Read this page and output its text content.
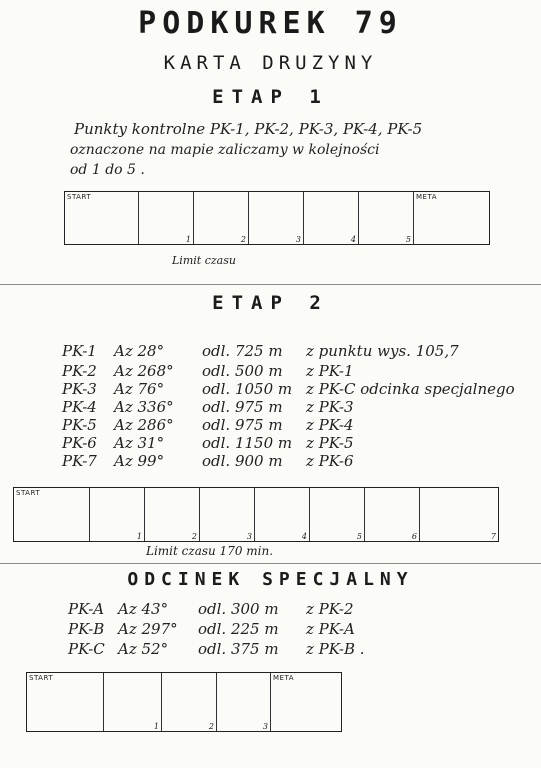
PODKUREK 79
KARTA DRUZYNY
ETAP 1
Punkty kontrolne PK-1, PK-2, PK-3, PK-4, PK-5
oznaczone na mapie zaliczamy w kolejności
od 1 do 5 .
START
1	2	3	4	5
META
Limit czasu
ETAP 2
PK-1 Az 28°	odl. 725 m z punktu wys. 105,7
PK-2 Az 268° odl. 500 m z PK-1
PK-3 Az 76°	odl. 1050 m z PK-C odcinka specjalnego
PK-4 Az 336° odl. 975 m z PK-3
PK-5 Az 286° odl. 975 m z PK-4
PK-6 Az 31°	odl. 1150 m z PK-5
PK-7 Az 99°	odl. 900 m z PK-6
START
1	2	3	4	5	6	7
Limit czasu 170 min.
ODCINEK SPECJALNY
PK-A Az 43° odl. 300 m z PK-2
PK-B Az 297° odl. 225 m z PK-A
PK-C Az 52° odl. 375 m z PK-B .
START
1	2	3
META
